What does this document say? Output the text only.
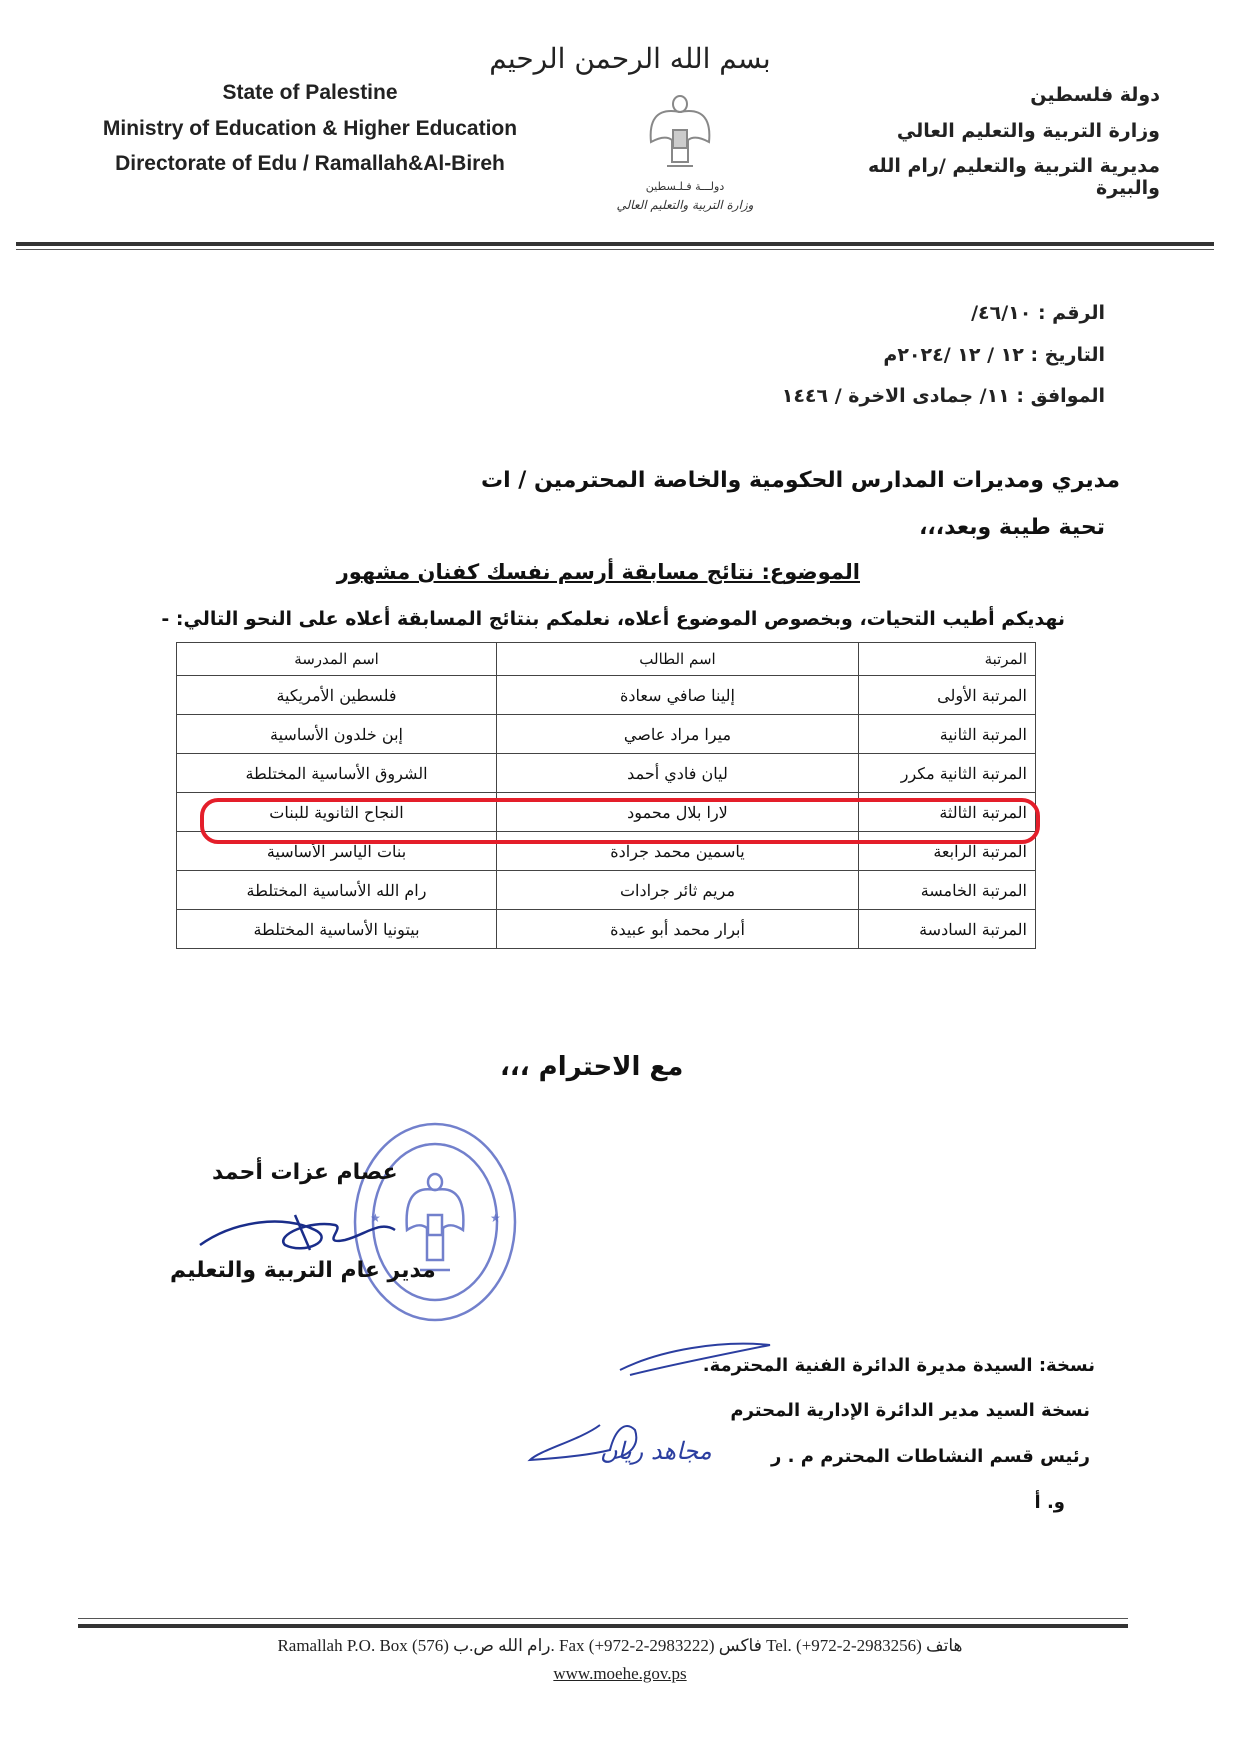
بسم الله الرحمن الرحيم
State of Palestine
Ministry of Education & Higher Education
Directorate of Edu / Ramallah&Al-Bireh
دولة فلسطين
وزارة التربية والتعليم العالي
مديرية التربية والتعليم /رام الله والبيرة
دولـــة فـلـسطين
وزارة التربية والتعليم العالي
الرقم : ٤٦/١٠/
التاريخ : ١٢ / ١٢ /٢٠٢٤م
الموافق : ١١/ جمادى الاخرة / ١٤٤٦
مديري ومديرات المدارس الحكومية والخاصة المحترمين / ات
تحية طيبة وبعد،،،
الموضوع: نتائج مسابقة أرسم نفسك كفنان مشهور
نهديكم أطيب التحيات، وبخصوص الموضوع أعلاه، نعلمكم بنتائج المسابقة أعلاه على النحو التالي: -
المرتبة	اسم الطالب	اسم المدرسة
المرتبة الأولى	إلينا صافي سعادة	فلسطين الأمريكية
المرتبة الثانية	ميرا مراد عاصي	إبن خلدون الأساسية
المرتبة الثانية مكرر	ليان فادي أحمد	الشروق الأساسية المختلطة
المرتبة الثالثة	لارا بلال محمود	النجاح الثانوية للبنات
المرتبة الرابعة	ياسمين محمد جرادة	بنات الياسر الأساسية
المرتبة الخامسة	مريم ثائر جرادات	رام الله الأساسية المختلطة
المرتبة السادسة	أبرار محمد أبو عبيدة	بيتونيا الأساسية المختلطة
مع الاحترام ،،،
★	★
عصام عزات أحمد
مدير عام التربية والتعليم
نسخة: السيدة مديرة الدائرة الفنية المحترمة.
نسخة السيد مدير الدائرة الإدارية المحترم
رئيس قسم النشاطات المحترم م . ر
و. أ
مجاهد ريان
Ramallah P.O. Box (576) رام الله ص.ب. Fax (+972-2-2983222) فاكس Tel. (+972-2-2983256) هاتف
www.moehe.gov.ps
